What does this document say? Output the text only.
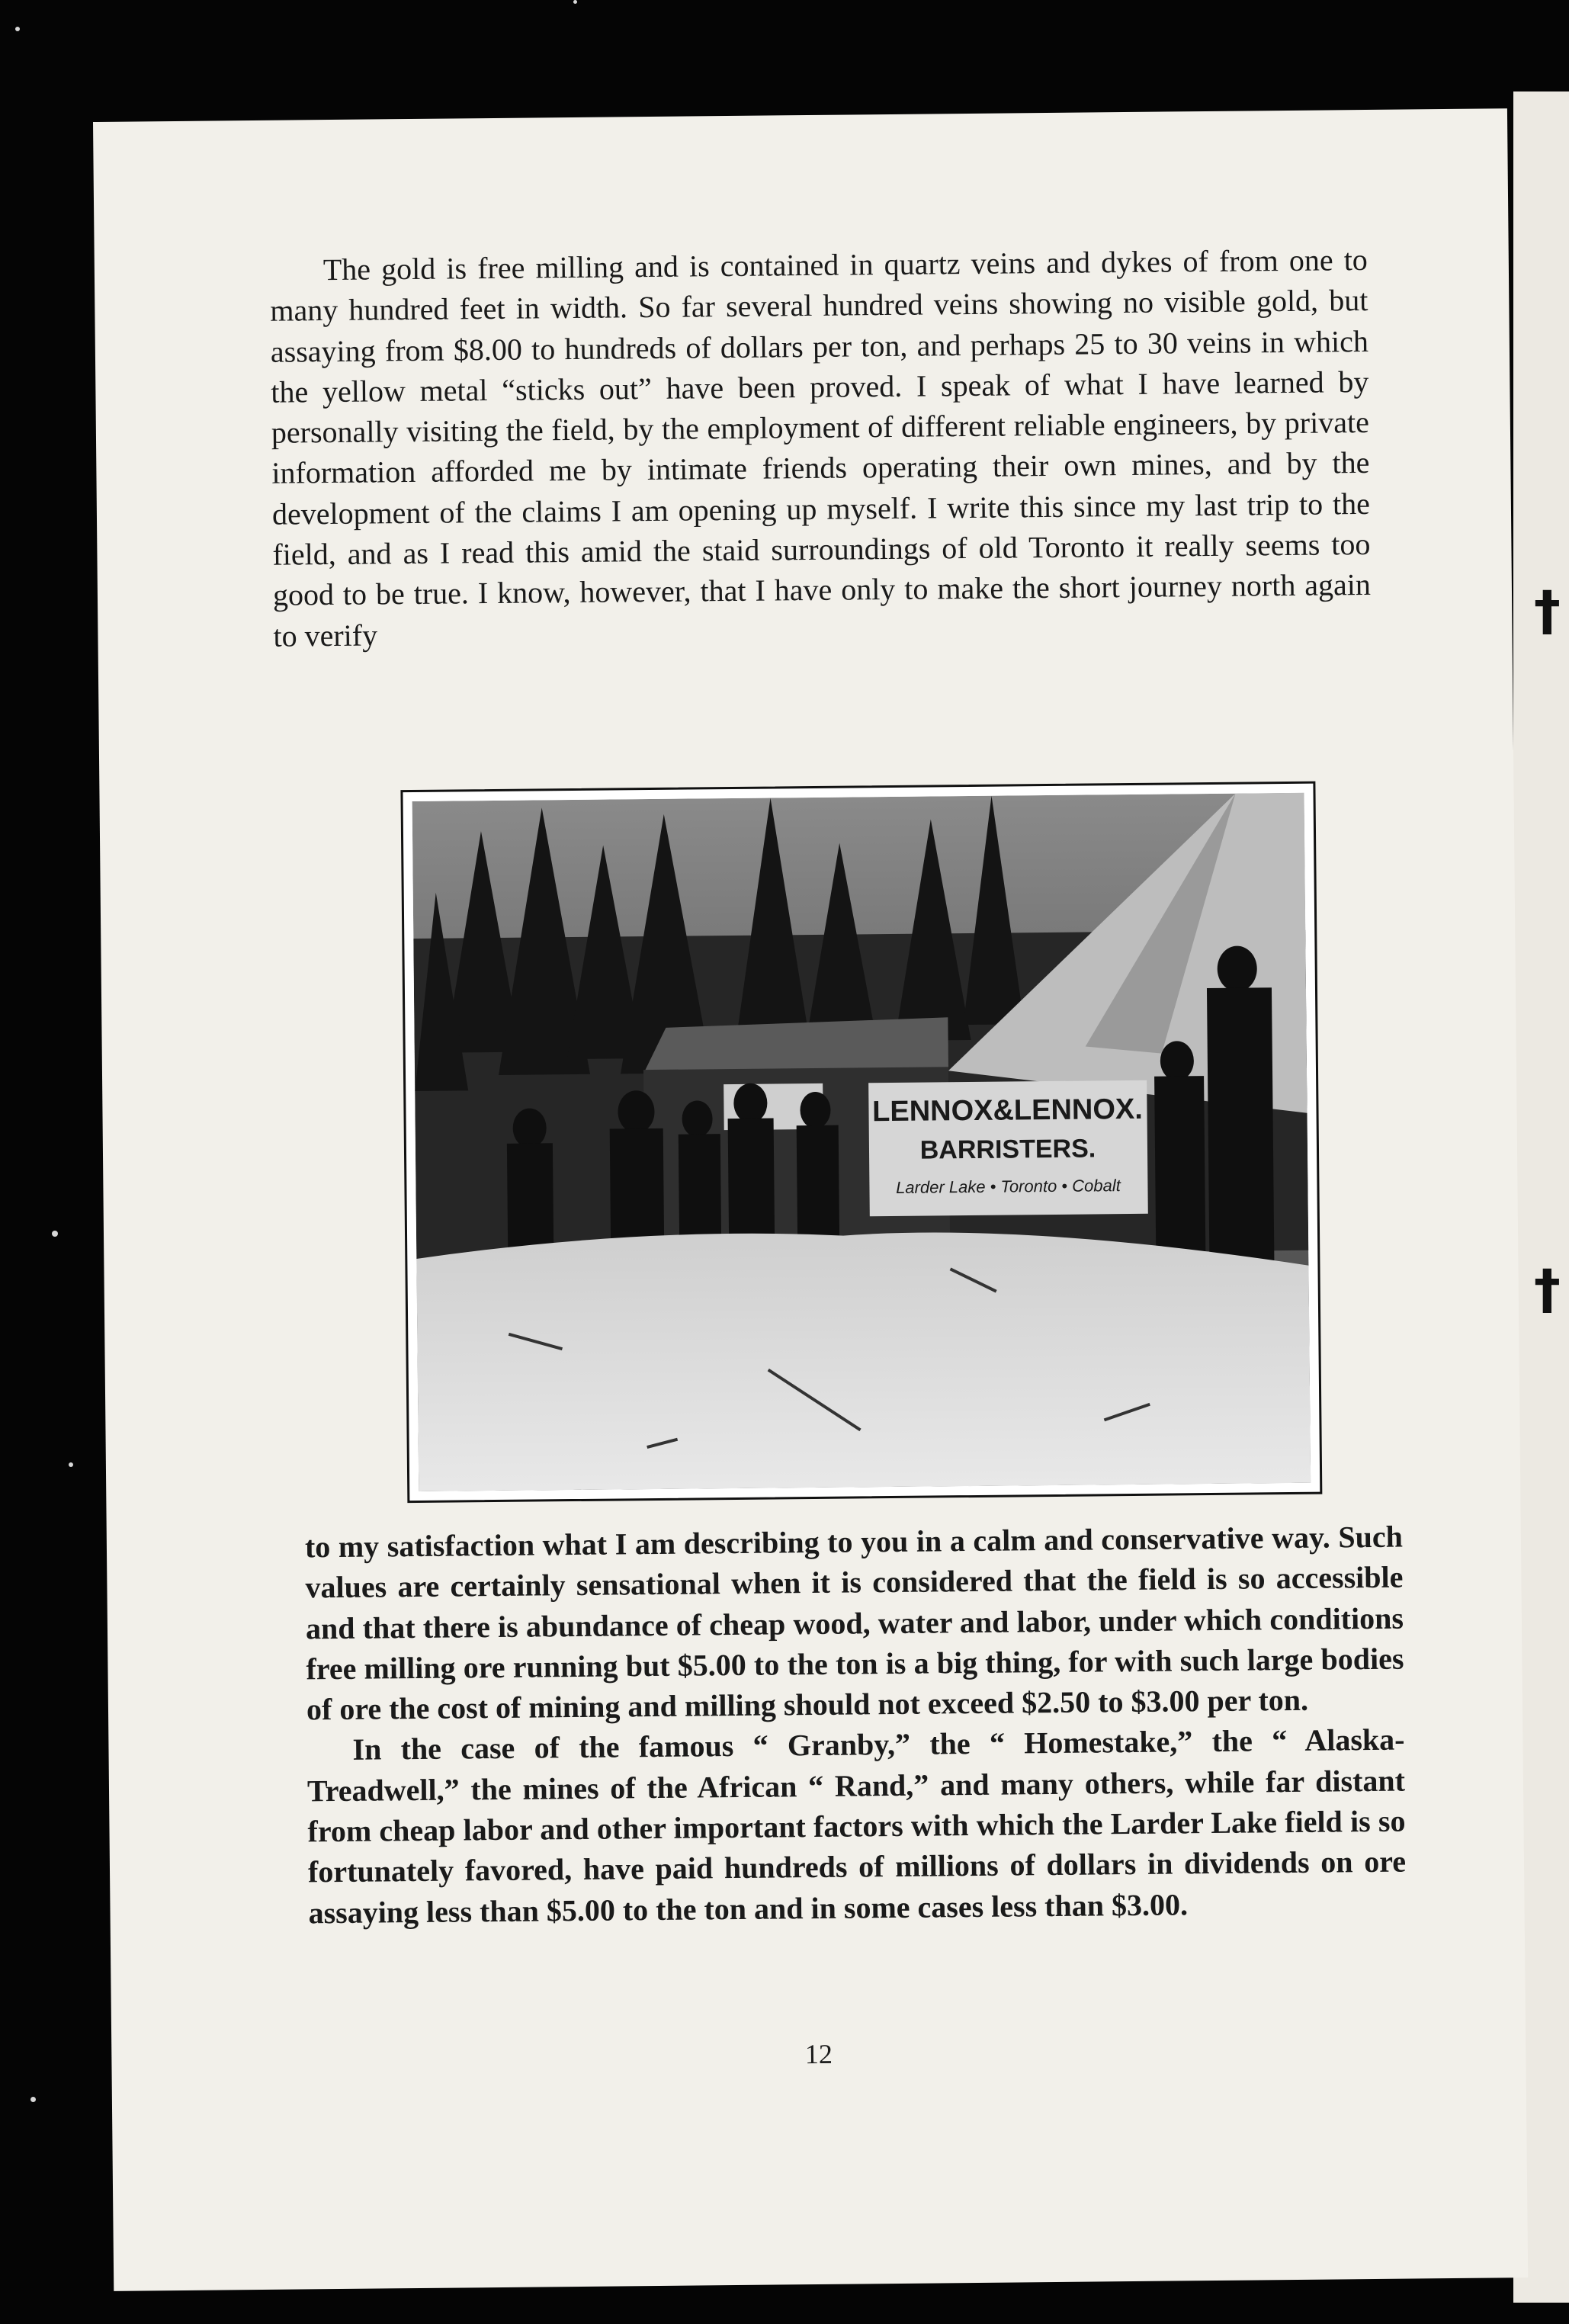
†
†
The gold is free milling and is contained in quartz veins and dykes of from one to many hundred feet in width. So far several hundred veins showing no visible gold, but assaying from $8.00 to hundreds of dollars per ton, and perhaps 25 to 30 veins in which the yellow metal “sticks out” have been proved. I speak of what I have learned by personally visiting the field, by the employment of different reliable engineers, by private information afforded me by intimate friends operating their own mines, and by the development of the claims I am opening up myself. I write this since my last trip to the field, and as I read this amid the staid surroundings of old Toronto it really seems too good to be true. I know, however, that I have only to make the short journey north again to verify
LENNOX&LENNOX.
BARRISTERS.
Larder Lake • Toronto • Cobalt

to my satisfaction what I am describing to you in a calm and conservative way. Such values are certainly sensational when it is considered that the field is so accessible and that there is abundance of cheap wood, water and labor, under which conditions free milling ore running but $5.00 to the ton is a big thing, for with such large bodies of ore the cost of mining and milling should not exceed $2.50 to $3.00 per ton.

In the case of the famous “ Granby,” the “ Homestake,” the “ Alaska-Treadwell,” the mines of the African “ Rand,” and many others, while far distant from cheap labor and other important factors with which the Larder Lake field is so fortunately favored, have paid hundreds of millions of dollars in dividends on ore assaying less than $5.00 to the ton and in some cases less than $3.00.

12
